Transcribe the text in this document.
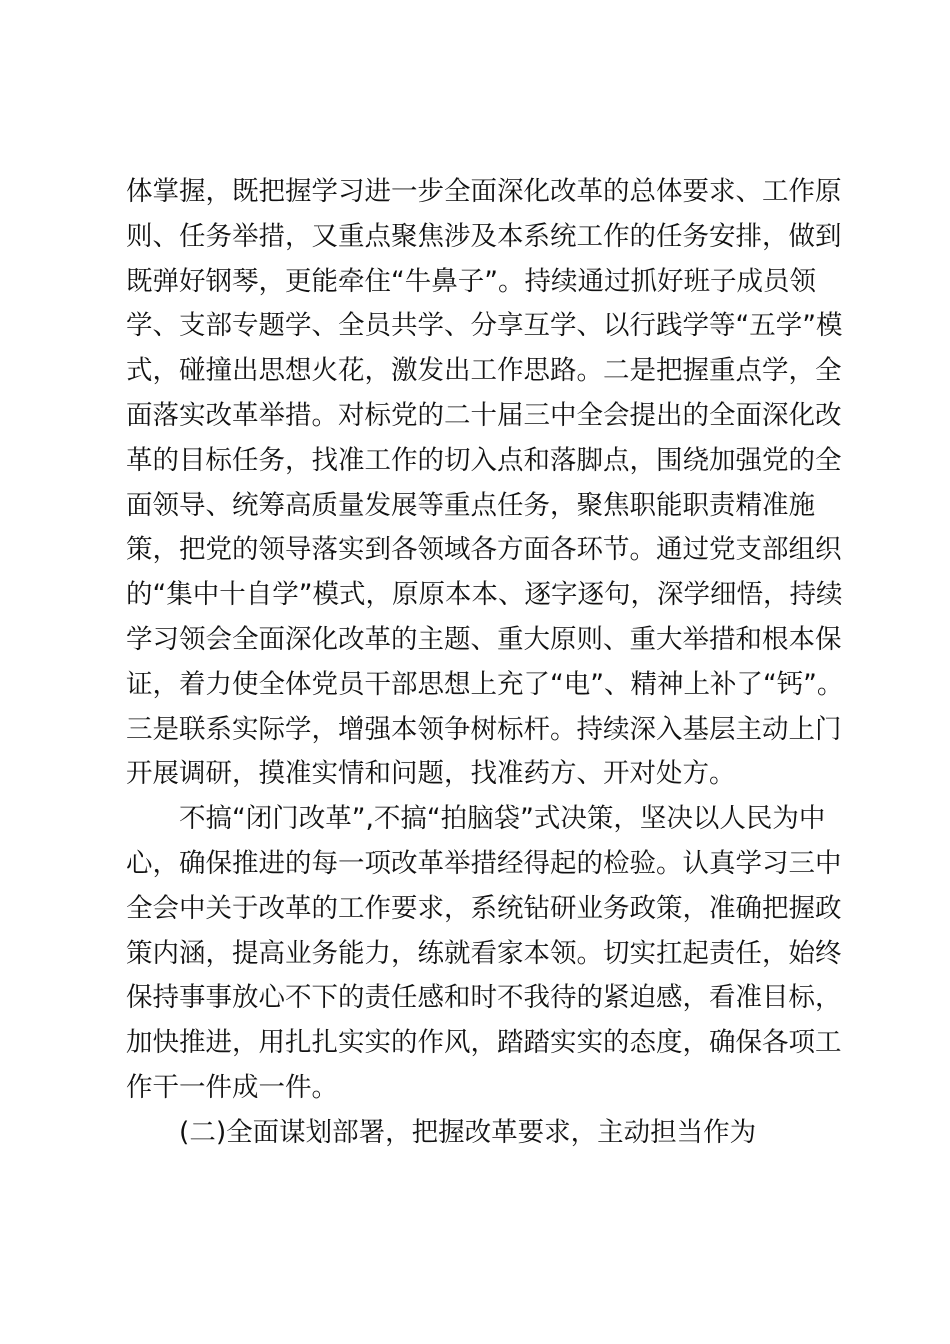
体掌握，既把握学习进一步全面深化改革的总体要求、工作原
则、任务举措，又重点聚焦涉及本系统工作的任务安排，做到
既弹好钢琴，更能牵住“牛鼻子”。持续通过抓好班子成员领
学、支部专题学、全员共学、分享互学、以行践学等“五学”模
式，碰撞出思想火花，激发出工作思路。二是把握重点学，全
面落实改革举措。对标党的二十届三中全会提出的全面深化改
革的目标任务，找准工作的切入点和落脚点，围绕加强党的全
面领导、统筹高质量发展等重点任务，聚焦职能职责精准施
策，把党的领导落实到各领域各方面各环节。通过党支部组织
的“集中十自学”模式，原原本本、逐字逐句，深学细悟，持续
学习领会全面深化改革的主题、重大原则、重大举措和根本保
证，着力使全体党员干部思想上充了“电”、精神上补了“钙”。
三是联系实际学，增强本领争树标杆。持续深入基层主动上门
开展调研，摸准实情和问题，找准药方、开对处方。
不搞“闭门改革”,不搞“拍脑袋”式决策，坚决以人民为中
心，确保推进的每一项改革举措经得起的检验。认真学习三中
全会中关于改革的工作要求，系统钻研业务政策，准确把握政
策内涵，提高业务能力，练就看家本领。切实扛起责任，始终
保持事事放心不下的责任感和时不我待的紧迫感，看准目标，
加快推进，用扎扎实实的作风，踏踏实实的态度，确保各项工
作干一件成一件。
(二)全面谋划部署，把握改革要求，主动担当作为
